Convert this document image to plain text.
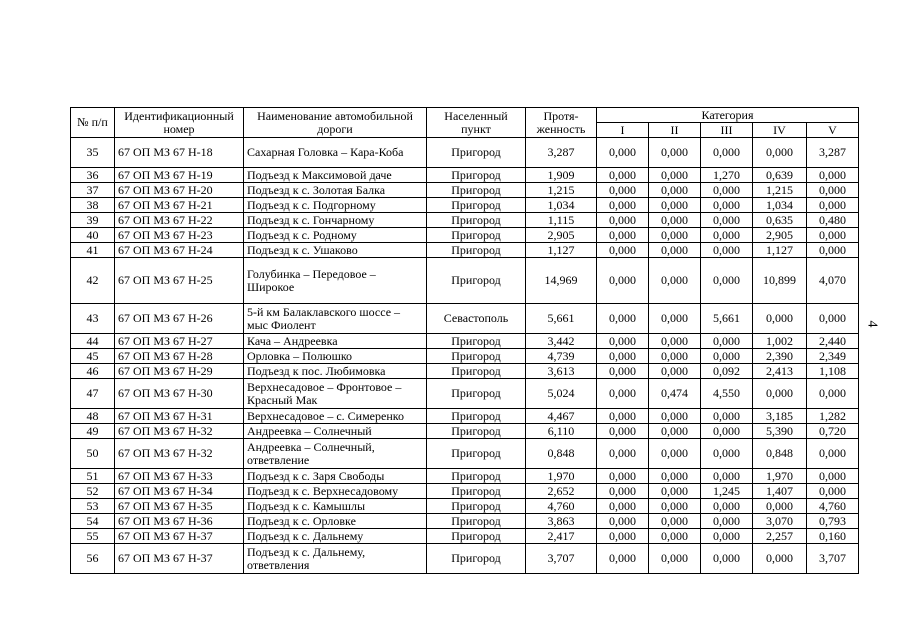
4
№ п/п	Идентификационный номер	Наименование автомобильной дороги	Населенный пункт	Протя-женность	Категория				
					I	II	III	IV	V
35	67 ОП МЗ 67 Н-18	Сахарная Головка – Кара-Коба	Пригород	3,287	0,000	0,000	0,000	0,000	3,287
36	67 ОП МЗ 67 Н-19	Подъезд к Максимовой даче	Пригород	1,909	0,000	0,000	1,270	0,639	0,000
37	67 ОП МЗ 67 Н-20	Подъезд к с. Золотая Балка	Пригород	1,215	0,000	0,000	0,000	1,215	0,000
38	67 ОП МЗ 67 Н-21	Подъезд к с. Подгорному	Пригород	1,034	0,000	0,000	0,000	1,034	0,000
39	67 ОП МЗ 67 Н-22	Подъезд к с. Гончарному	Пригород	1,115	0,000	0,000	0,000	0,635	0,480
40	67 ОП МЗ 67 Н-23	Подъезд к с. Родному	Пригород	2,905	0,000	0,000	0,000	2,905	0,000
41	67 ОП МЗ 67 Н-24	Подъезд к с. Ушаково	Пригород	1,127	0,000	0,000	0,000	1,127	0,000
42	67 ОП МЗ 67 Н-25	Голубинка – Передовое – Широкое	Пригород	14,969	0,000	0,000	0,000	10,899	4,070
43	67 ОП МЗ 67 Н-26	5-й км Балаклавского шоссе – мыс Фиолент	Севастополь	5,661	0,000	0,000	5,661	0,000	0,000
44	67 ОП МЗ 67 Н-27	Кача – Андреевка	Пригород	3,442	0,000	0,000	0,000	1,002	2,440
45	67 ОП МЗ 67 Н-28	Орловка – Полюшко	Пригород	4,739	0,000	0,000	0,000	2,390	2,349
46	67 ОП МЗ 67 Н-29	Подъезд к пос. Любимовка	Пригород	3,613	0,000	0,000	0,092	2,413	1,108
47	67 ОП МЗ 67 Н-30	Верхнесадовое – Фронтовое – Красный Мак	Пригород	5,024	0,000	0,474	4,550	0,000	0,000
48	67 ОП МЗ 67 Н-31	Верхнесадовое – с. Симеренко	Пригород	4,467	0,000	0,000	0,000	3,185	1,282
49	67 ОП МЗ 67 Н-32	Андреевка – Солнечный	Пригород	6,110	0,000	0,000	0,000	5,390	0,720
50	67 ОП МЗ 67 Н-32	Андреевка – Солнечный, ответвление	Пригород	0,848	0,000	0,000	0,000	0,848	0,000
51	67 ОП МЗ 67 Н-33	Подъезд к с. Заря Свободы	Пригород	1,970	0,000	0,000	0,000	1,970	0,000
52	67 ОП МЗ 67 Н-34	Подъезд к с. Верхнесадовому	Пригород	2,652	0,000	0,000	1,245	1,407	0,000
53	67 ОП МЗ 67 Н-35	Подъезд к с. Камышлы	Пригород	4,760	0,000	0,000	0,000	0,000	4,760
54	67 ОП МЗ 67 Н-36	Подъезд к с. Орловке	Пригород	3,863	0,000	0,000	0,000	3,070	0,793
55	67 ОП МЗ 67 Н-37	Подъезд к с. Дальнему	Пригород	2,417	0,000	0,000	0,000	2,257	0,160
56	67 ОП МЗ 67 Н-37	Подъезд к с. Дальнему, ответвления	Пригород	3,707	0,000	0,000	0,000	0,000	3,707
